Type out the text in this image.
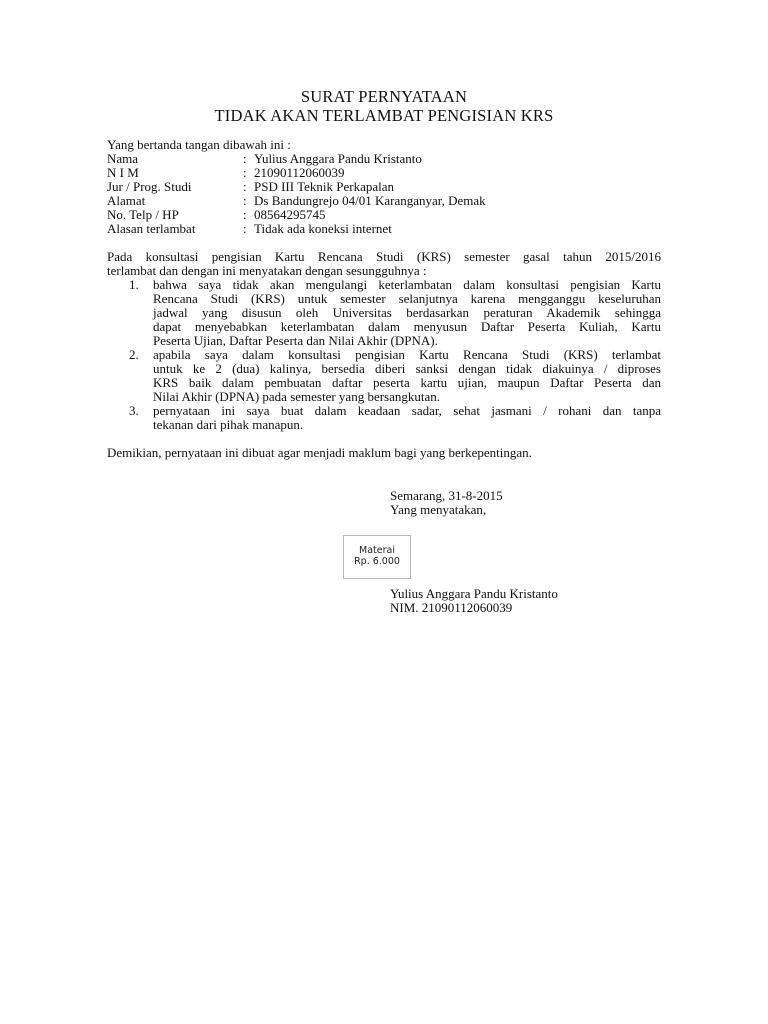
SURAT PERNYATAAN
TIDAK AKAN TERLAMBAT PENGISIAN KRS
Yang bertanda tangan dibawah ini :
Nama	: Yulius Anggara Pandu Kristanto
N I M	: 21090112060039
Jur / Prog. Studi	: PSD III Teknik Perkapalan
Alamat	: Ds Bandungrejo 04/01 Karanganyar, Demak
No. Telp / HP	: 08564295745
Alasan terlambat	: Tidak ada koneksi internet
Pada konsultasi pengisian Kartu Rencana Studi (KRS) semester gasal tahun 2015/2016
terlambat dan dengan ini menyatakan dengan sesungguhnya :
1. bahwa saya tidak akan mengulangi keterlambatan dalam konsultasi pengisian Kartu
Rencana Studi (KRS) untuk semester selanjutnya karena mengganggu keseluruhan
jadwal yang disusun oleh Universitas berdasarkan peraturan Akademik sehingga
dapat menyebabkan keterlambatan dalam menyusun Daftar Peserta Kuliah, Kartu
Peserta Ujian, Daftar Peserta dan Nilai Akhir (DPNA).
2. apabila saya dalam konsultasi pengisian Kartu Rencana Studi (KRS) terlambat
untuk ke 2 (dua) kalinya, bersedia diberi sanksi dengan tidak diakuinya / diproses
KRS baik dalam pembuatan daftar peserta kartu ujian, maupun Daftar Peserta dan
Nilai Akhir (DPNA) pada semester yang bersangkutan.
3. pernyataan ini saya buat dalam keadaan sadar, sehat jasmani / rohani dan tanpa
tekanan dari pihak manapun.
Demikian, pernyataan ini dibuat agar menjadi maklum bagi yang berkepentingan.
Semarang, 31-8-2015
Yang menyatakan,
Materai
Rp. 6.000
Yulius Anggara Pandu Kristanto
NIM. 21090112060039
